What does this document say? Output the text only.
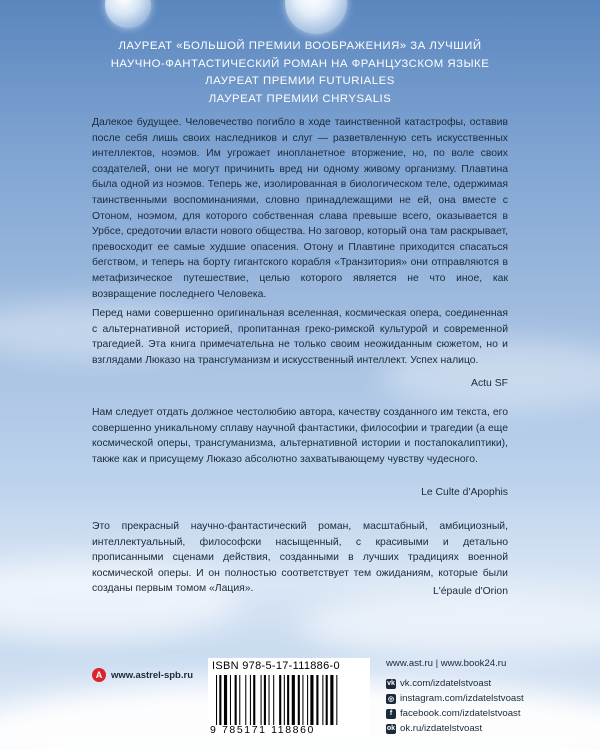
ЛАУРЕАТ «БОЛЬШОЙ ПРЕМИИ ВООБРАЖЕНИЯ» ЗА ЛУЧШИЙ
НАУЧНО-ФАНТАСТИЧЕСКИЙ РОМАН НА ФРАНЦУЗСКОМ ЯЗЫКЕ
ЛАУРЕАТ ПРЕМИИ FUTURIALES
ЛАУРЕАТ ПРЕМИИ CHRYSALIS

Далекое будущее. Человечество погибло в ходе таинственной катастрофы, оставив после себя лишь своих наследников и слуг — разветвленную сеть искусственных интеллектов, ноэмов. Им угрожает инопланетное вторжение, но, по воле своих создателей, они не могут причинить вред ни одному живому организму. Плавтина была одной из ноэмов. Теперь же, изолированная в биологическом теле, одержимая таинственными воспоминаниями, словно принадлежащими не ей, она вместе с Отоном, ноэмом, для которого собственная слава превыше всего, оказывается в Урбсе, средоточии власти нового общества. Но заговор, который она там раскрывает, превосходит ее самые худшие опасения. Отону и Плавтине приходится спасаться бегством, и теперь на борту гигантского корабля «Транзитория» они отправляются в метафизическое путешествие, целью которого является не что иное, как возвращение последнего Человека.

Перед нами совершенно оригинальная вселенная, космическая опера, соединенная с альтернативной историей, пропитанная греко-римской культурой и современной трагедией. Эта книга примечательна не только своим неожиданным сюжетом, но и взглядами Люказо на трансгуманизм и искусственный интеллект. Успех налицо.

Actu SF

Нам следует отдать должное честолюбию автора, качеству созданного им текста, его совершенно уникальному сплаву научной фантастики, философии и трагедии (а еще космической оперы, трансгуманизма, альтернативной истории и постапокалиптики), также как и присущему Люказо абсолютно захватывающему чувству чудесного.

Le Culte d'Apophis

Это прекрасный научно-фантастический роман, масштабный, амбициозный, интеллектуальный, философски насыщенный, с красивыми и детально прописанными сценами действия, созданными в лучших традициях военной космической оперы. И он полностью соответствует тем ожиданиям, которые были созданы первым томом «Лация».	L'épaule d'Orion
А www.astrel-spb.ru
ISBN 978-5-17-111886-0
9 785171 118860
www.ast.ru | www.book24.ru
vk vk.com/izdatelstvoast
◎ instagram.com/izdatelstvoast
f facebook.com/izdatelstvoast
ok ok.ru/izdatelstvoast
